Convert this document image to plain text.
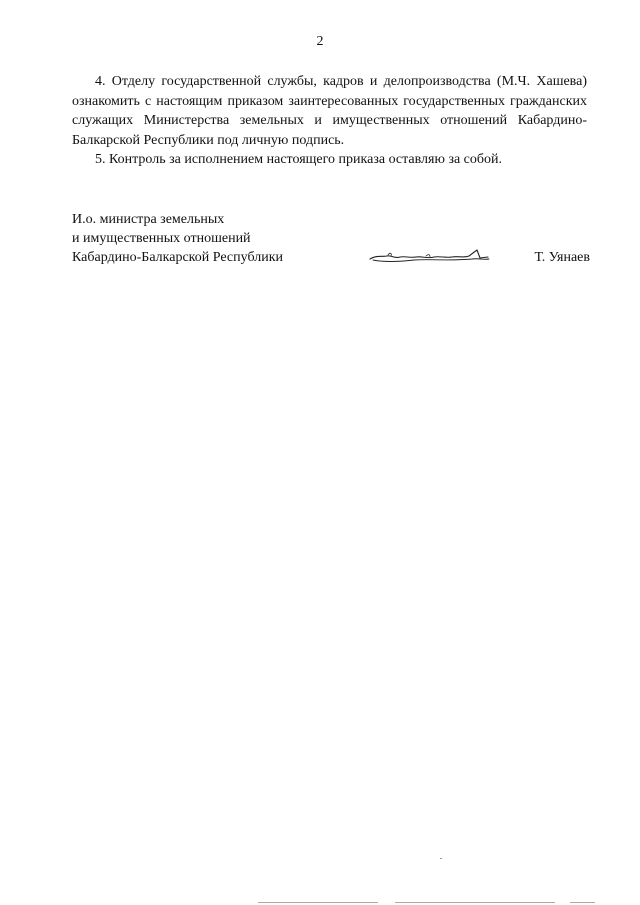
2

4. Отделу государственной службы, кадров и делопроизводства (М.Ч. Хашева) ознакомить с настоящим приказом заинтересованных государственных гражданских служащих Министерства земельных и имущественных отношений Кабардино-Балкарской Республики под личную подпись.

5. Контроль за исполнением настоящего приказа оставляю за собой.

И.о. министра земельных
и имущественных отношений
Кабардино-Балкарской Республики	Т. Уянаев
